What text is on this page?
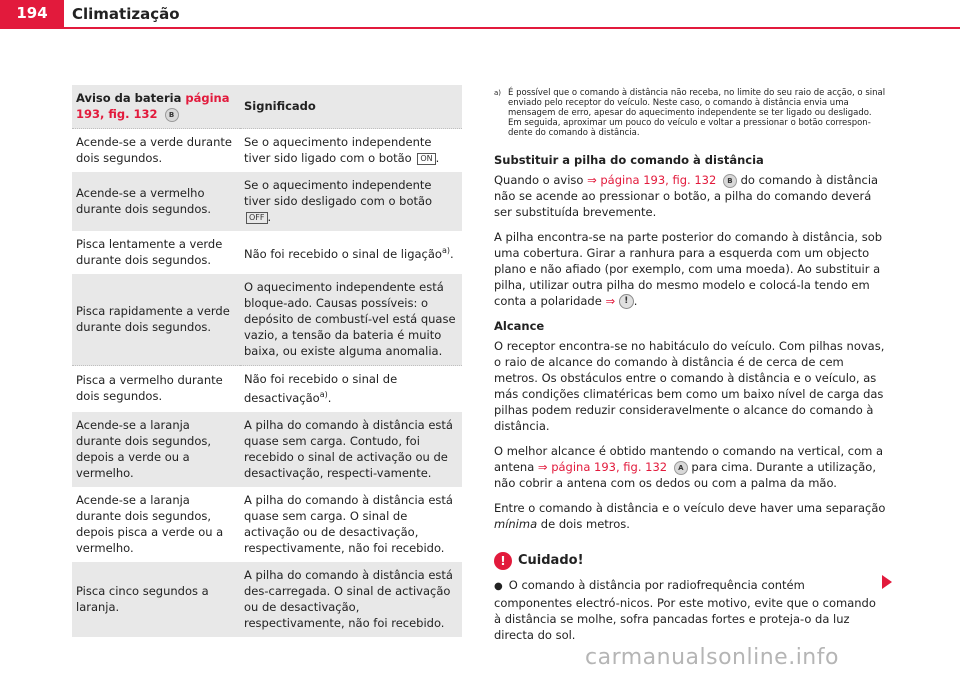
194	Climatização
Aviso da bateria página 193, fig. 132 B	Significado
Acende-se a verde durante dois segundos.	Se o aquecimento independente tiver sido ligado com o botão ON .
Acende-se a vermelho durante dois segundos.	Se o aquecimento independente tiver sido desligado com o botão OFF .
Pisca lentamente a verde durante dois segundos.	Não foi recebido o sinal de ligação$^{a)}$.
Pisca rapidamente a verde durante dois segundos.	O aquecimento independente está bloque-ado. Causas possíveis: o depósito de combustí-vel está quase vazio, a tensão da bateria é muito baixa, ou existe alguma anomalia.
Pisca a vermelho durante dois segundos.	Não foi recebido o sinal de desactivação$^{a)}$.
Acende-se a laranja durante dois segundos, depois a verde ou a vermelho.	A pilha do comando à distância está quase sem carga. Contudo, foi recebido o sinal de activação ou de desactivação, respecti-vamente.
Acende-se a laranja durante dois segundos, depois pisca a verde ou a vermelho.	A pilha do comando à distância está quase sem carga. O sinal de activação ou de desactivação, respectivamente, não foi recebido.
Pisca cinco segundos a laranja.	A pilha do comando à distância está des-carregada. O sinal de activação ou de desactivação, respectivamente, não foi recebido.
a) É possível que o comando à distância não receba, no limite do seu raio de acção, o sinal enviado pelo receptor do veículo. Neste caso, o comando à distância envia uma mensagem de erro, apesar do aquecimento independente se ter ligado ou desligado. Em seguida, aproximar um pouco do veículo e voltar a pressionar o botão correspon-dente do comando à distância.
Substituir a pilha do comando à distância

Quando o aviso ⇒ página 193, fig. 132 B do comando à distância não se acende ao pressionar o botão, a pilha do comando deverá ser substituída brevemente.

A pilha encontra-se na parte posterior do comando à distância, sob uma cobertura. Girar a ranhura para a esquerda com um objecto plano e não afiado (por exemplo, com uma moeda). Ao substituir a pilha, utilizar outra pilha do mesmo modelo e colocá-la tendo em conta a polaridade ⇒ ! .

Alcance

O receptor encontra-se no habitáculo do veículo. Com pilhas novas, o raio de alcance do comando à distância é de cerca de cem metros. Os obstáculos entre o comando à distância e o veículo, as más condições climatéricas bem como um baixo nível de carga das pilhas podem reduzir consideravelmente o alcance do comando à distância.

O melhor alcance é obtido mantendo o comando na vertical, com a antena ⇒ página 193, fig. 132 A para cima. Durante a utilização, não cobrir a antena com os dedos ou com a palma da mão.

Entre o comando à distância e o veículo deve haver uma separação mínima de dois metros.

! Cuidado!

● O comando à distância por radiofrequência contém componentes electró-nicos. Por este motivo, evite que o comando à distância se molhe, sofra pancadas fortes e proteja-o da luz directa do sol.

carmanualsonline.info
